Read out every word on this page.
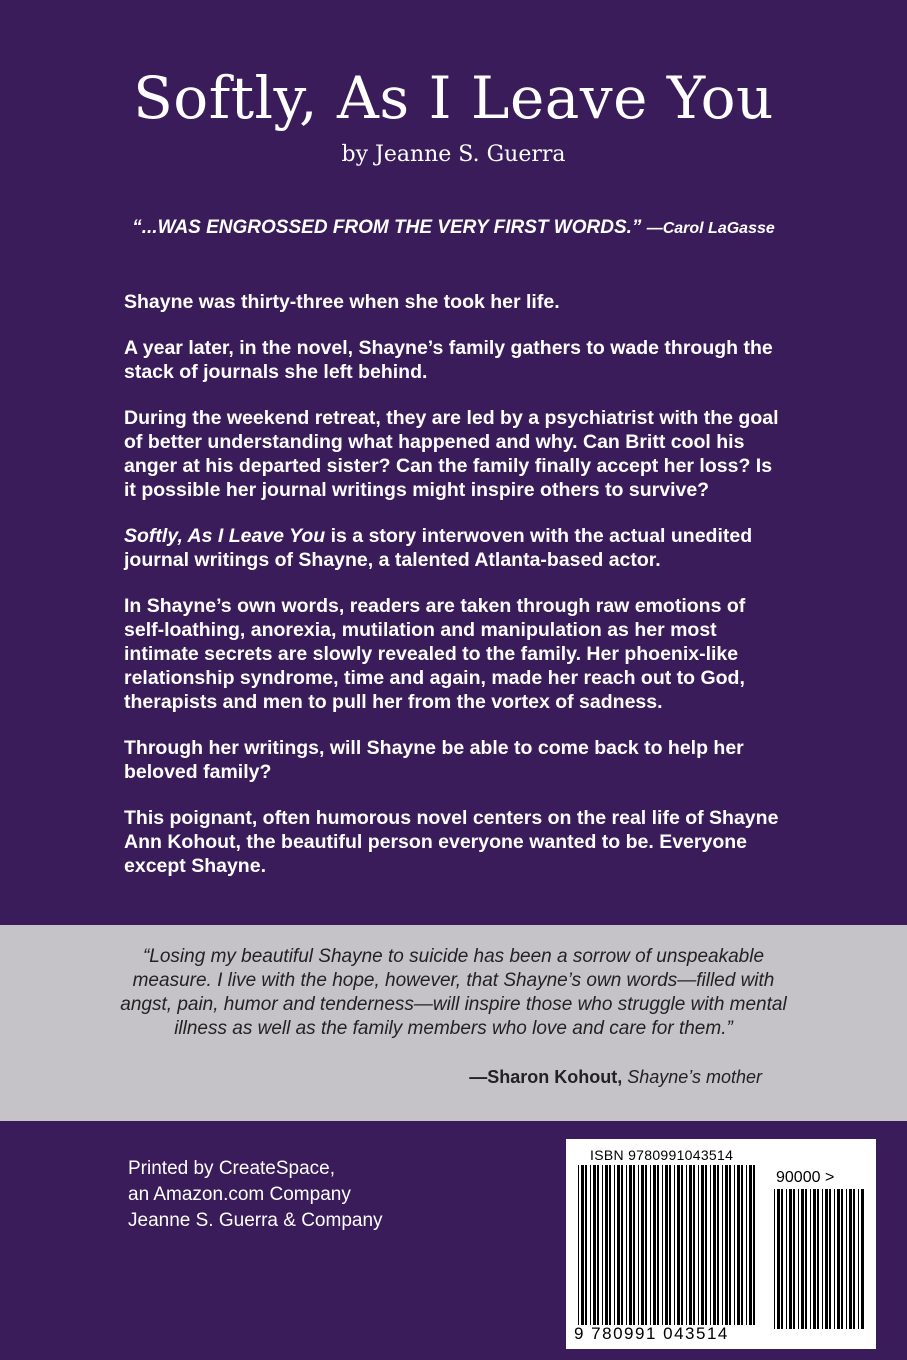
Softly, As I Leave You
by Jeanne S. Guerra
“...WAS ENGROSSED FROM THE VERY FIRST WORDS.” —Carol LaGasse

Shayne was thirty-three when she took her life.

A year later, in the novel, Shayne’s family gathers to wade through the stack of journals she left behind.

During the weekend retreat, they are led by a psychiatrist with the goal of better understanding what happened and why. Can Britt cool his anger at his departed sister? Can the family finally accept her loss? Is it possible her journal writings might inspire others to survive?

Softly, As I Leave You is a story interwoven with the actual unedited journal writings of Shayne, a talented Atlanta-based actor.

In Shayne’s own words, readers are taken through raw emotions of self-loathing, anorexia, mutilation and manipulation as her most intimate secrets are slowly revealed to the family. Her phoenix-like relationship syndrome, time and again, made her reach out to God, therapists and men to pull her from the vortex of sadness.

Through her writings, will Shayne be able to come back to help her beloved family?

This poignant, often humorous novel centers on the real life of Shayne Ann Kohout, the beautiful person everyone wanted to be. Everyone except Shayne.

“Losing my beautiful Shayne to suicide has been a sorrow of unspeakable measure. I live with the hope, however, that Shayne’s own words—filled with angst, pain, humor and tenderness—will inspire those who struggle with mental illness as well as the family members who love and care for them.”
—Sharon Kohout, Shayne’s mother
Printed by CreateSpace,
an Amazon.com Company
Jeanne S. Guerra & Company
ISBN 9780991043514
90000 >
9 780991 043514
